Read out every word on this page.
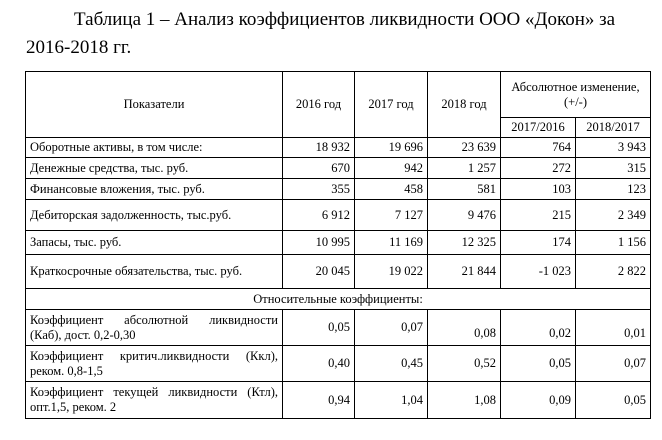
Таблица 1 – Анализ коэффициентов ликвидности ООО «Докон» за
2016-2018 гг.
Показатели	2016 год	2017 год	2018 год	Абсолютное изменение, (+/-)	
				2017/2016	2018/2017
Оборотные активы, в том числе:	18 932	19 696	23 639	764	3 943
Денежные средства, тыс. руб.	670	942	1 257	272	315
Финансовые вложения, тыс. руб.	355	458	581	103	123
Дебиторская задолженность, тыс.руб.	6 912	7 127	9 476	215	2 349
Запасы, тыс. руб.	10 995	11 169	12 325	174	1 156
Краткосрочные обязательства, тыс. руб.	20 045	19 022	21 844	-1 023	2 822
Относительные коэффициенты:					

Коэффициент абсолютной ликвидности
(Каб), дост. 0,2-0,30	0,05	0,07	0,08	0,02	0,01

Коэффициент критич.ликвидности (Ккл),
реком. 0,8-1,5	0,40	0,45	0,52	0,05	0,07

Коэффициент текущей ликвидности (Ктл),
опт.1,5, реком. 2	0,94	1,04	1,08	0,09	0,05
